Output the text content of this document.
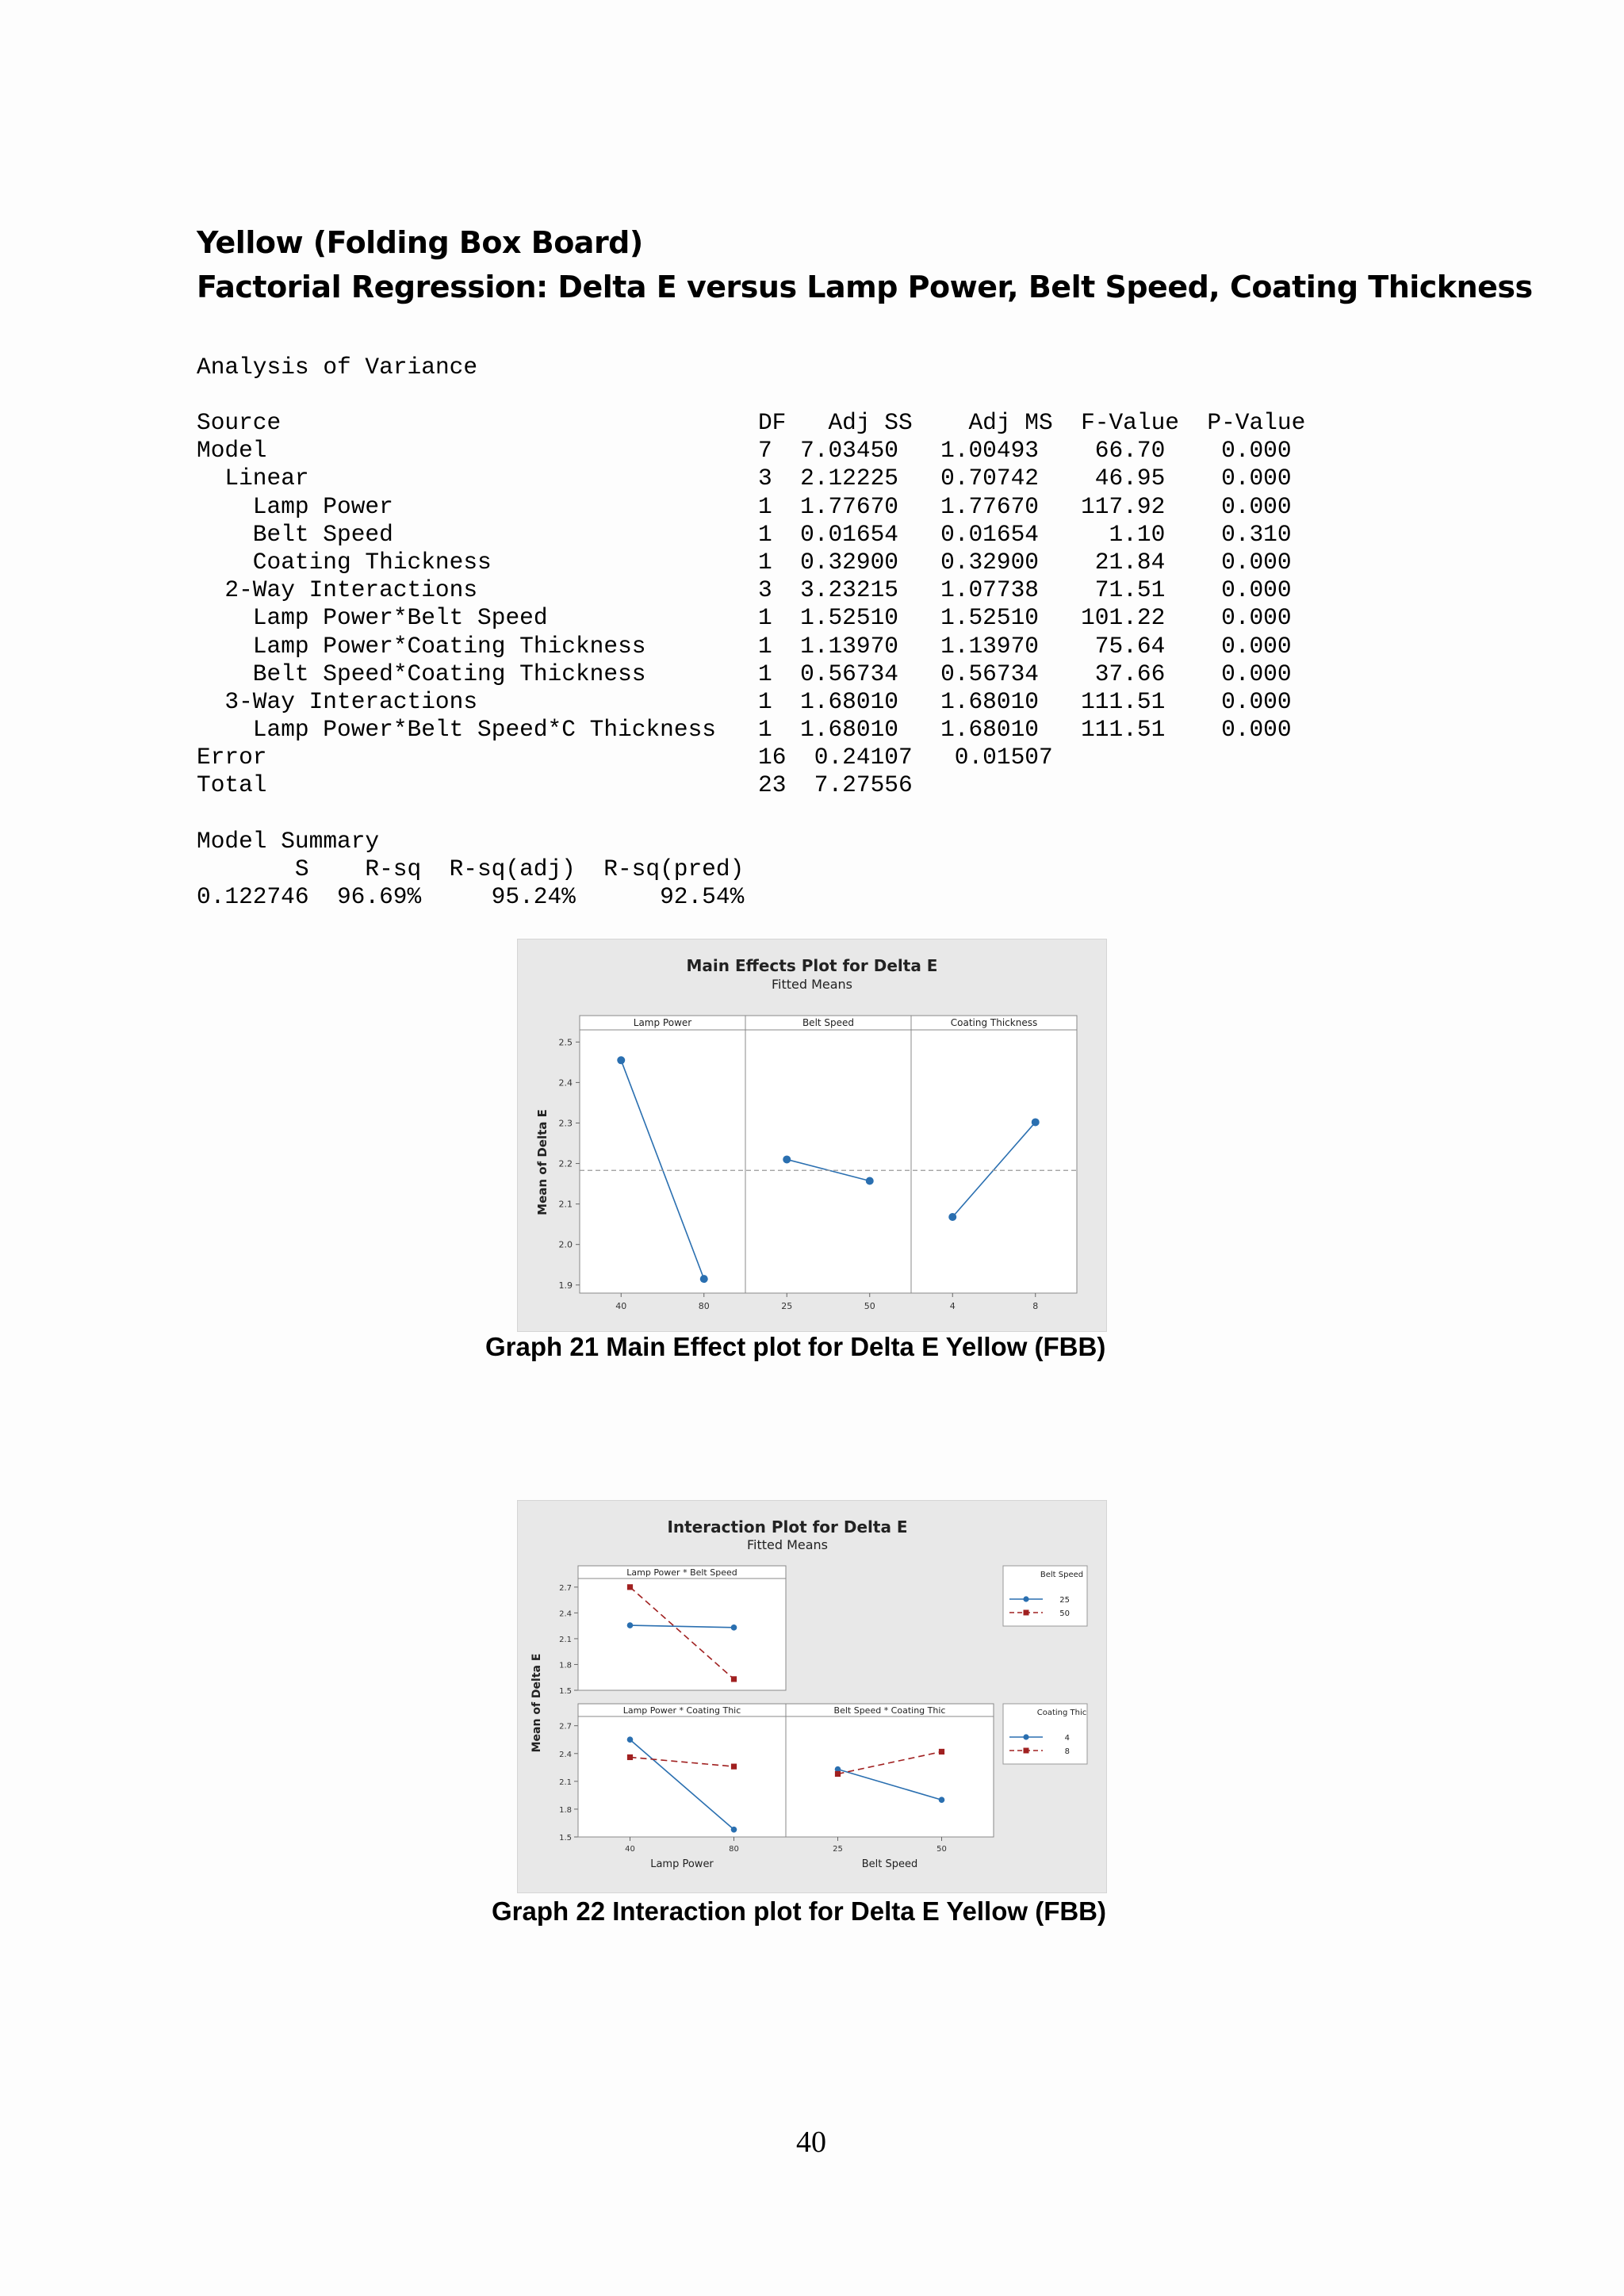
Yellow (Folding Box Board)
Factorial Regression: Delta E versus Lamp Power, Belt Speed, Coating Thickness
Analysis of Variance
Source	DF Adj SS Adj MS F-Value P-Value
Model	7 7.03450 1.00493 66.70 0.000
Linear	3 2.12225 0.70742 46.95 0.000
Lamp Power	1 1.77670 1.77670 117.92 0.000
Belt Speed	1 0.01654 0.01654	1.10 0.310
Coating Thickness	1 0.32900 0.32900 21.84 0.000
2-Way Interactions	3 3.23215 1.07738 71.51 0.000
Lamp Power*Belt Speed	1 1.52510 1.52510 101.22 0.000
Lamp Power*Coating Thickness	1 1.13970 1.13970 75.64 0.000
Belt Speed*Coating Thickness	1 0.56734 0.56734 37.66 0.000
3-Way Interactions	1 1.68010 1.68010 111.51 0.000
Lamp Power*Belt Speed*C Thickness 1 1.68010 1.68010 111.51 0.000
Error	16 0.24107 0.01507
Total	23 7.27556
Model Summary
S R-sq R-sq(adj) R-sq(pred)
0.122746 96.69%	95.24%	92.54%
Main Effects Plot for Delta E
Fitted Means
1.9
2.0
2.1
2.2
2.3
2.4
2.5
Mean of Delta E
Lamp Power
40	80
Belt Speed
25	50
Coating Thickness
4	8
Graph 21 Main Effect plot for Delta E Yellow (FBB)
Interaction Plot for Delta E
Fitted Means
Mean of Delta E 1.5
1.8
2.1
2.4
2.7
1.5
1.8
2.1
2.4
2.7
Lamp Power * Belt Speed
Lamp Power * Coating Thic
40	80
Lamp Power
Belt Speed * Coating Thic
25	50
Belt Speed
Belt Speed
25
50
Coating Thic
4
8
Graph 22 Interaction plot for Delta E Yellow (FBB)
40
